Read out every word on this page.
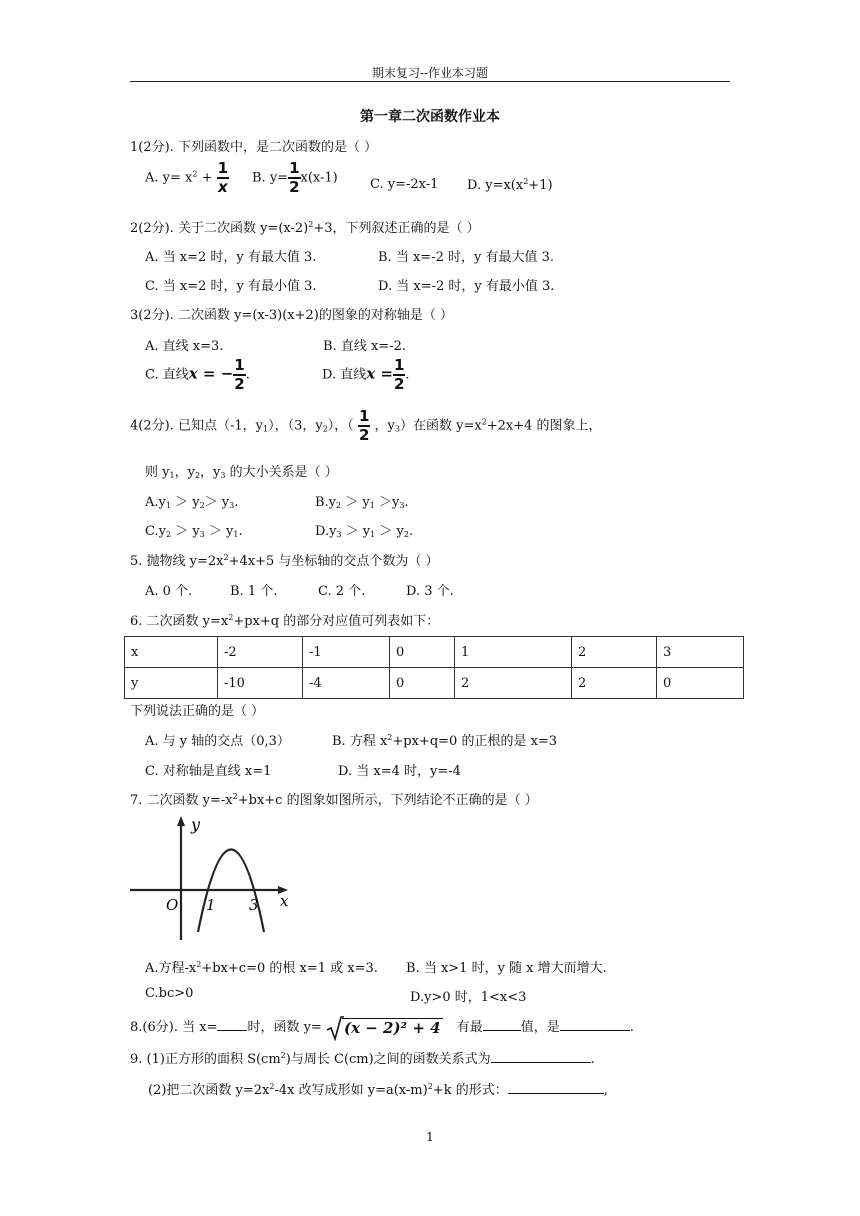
期末复习--作业本习题
第一章二次函数作业本
1(2分). 下列函数中，是二次函数的是（ ）
A. $y= x^2 + \frac{1}{x} B$. $y= \frac{1}{2} x(x-1)$ C. y=-2x-1 D. $y=x(x^2+1)$
2(2分). 关于二次函数 $y=(x-2)^2+3$，下列叙述正确的是（ ）
A. 当 x=2 时，y 有最大值 3.	B. 当 x=-2 时，y 有最大值 3.
C. 当 x=2 时，y 有最小值 3.	D. 当 x=-2 时，y 有最小值 3.
3(2分). 二次函数 y=(x-3)(x+2)的图象的对称轴是（ ）
A. 直线 x=3.	B. 直线 x=-2.
C. 直线x = − $\frac{1}{2}$ .	D. 直线$x = \frac{1}{2}$ .
4(2分). 已知点（-1，$y_1$），（3，$y_2$），（ $\frac{1}{2}$ ，$y_3$）在函数 $y=x^2+2x+4$ 的图象上，
则 $y_1$，$y_2$，$y_3$ 的大小关系是（ ）
$A.y_1 > y_2> y_3$.	$B.y_2 > y_1 >y_3$.
$C.y_2 > y_3 > y_1$.	$D.y_3 > y_1 > y_2$.
5. 抛物线 $y=2x^2+4x+5$ 与坐标轴的交点个数为（ ）
A. 0 个.	B. 1 个.	C. 2 个.	D. 3 个.
6. 二次函数 $y=x^2+px+q$ 的部分对应值可列表如下：
x	-2	-1	0	1	2	3
y	-10	-4	0	2	2	0
下列说法正确的是（ ）
A. 与 y 轴的交点（0,3）	B. 方程 $x^2+px+q=0$ 的正根的是 x=3
C. 对称轴是直线 x=1	D. 当 x=4 时，y=-4
7. 二次函数 $y=-x^2+bx+c$ 的图象如图所示，下列结论不正确的是（ ）
y
x
O 1 3
A.方程$-x^2+bx+c=0$ 的根 x=1 或 x=3. B. 当 x>1 时，y 随 x 增大而增大.
C.bc>0	D.y>0 时，1<x<3
8.(6分). 当 x= 时，函数 y= (x − 2)² + 4 有最	值，是	.
9. (1)正方形的面积 $S(cm^2)$与周长 C(cm)之间的函数关系式为	.
(2)把二次函数 $y=2x^2-4x$ 改写成形如 $y=a(x-m)^2+k$ 的形式：	,
1
